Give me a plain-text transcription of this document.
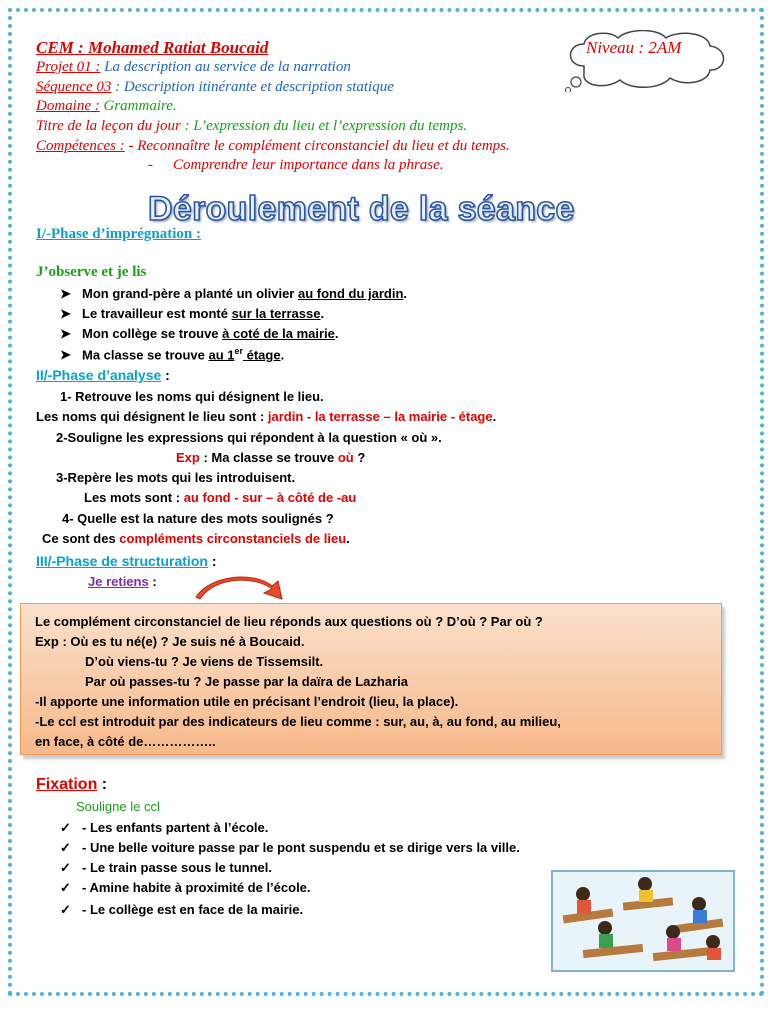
CEM : Mohamed Ratiat Boucaid	Niveau : 2AM
Projet 01 : La description au service de la narration
Séquence 03 : Description itinérante et description statique
Domaine : Grammaire.
Titre de la leçon du jour : L’expression du lieu et l’expression du temps.
Compétences : - Reconnaître le complément circonstanciel du lieu et du temps.
- Comprendre leur importance dans la phrase.
Déroulement de la séance
I/-Phase d’imprégnation :
J’observe et je lis
➤ Mon grand-père a planté un olivier au fond du jardin.
➤ Le travailleur est monté sur la terrasse.
➤ Mon collège se trouve à coté de la mairie.
➤ Ma classe se trouve au 1er étage.
II/-Phase d’analyse :
1- Retrouve les noms qui désignent le lieu.
Les noms qui désignent le lieu sont : jardin - la terrasse – la mairie - étage.
2-Souligne les expressions qui répondent à la question « où ».
Exp : Ma classe se trouve où ?
3-Repère les mots qui les introduisent.
Les mots sont : au fond - sur – à côté de -au
4- Quelle est la nature des mots soulignés ?
Ce sont des compléments circonstanciels de lieu.
III/-Phase de structuration :
Je retiens :
Le complément circonstanciel de lieu réponds aux questions où ? D’où ? Par où ?
Exp : Où es tu né(e) ? Je suis né à Boucaid.
D’où viens-tu ? Je viens de Tissemsilt.
Par où passes-tu ? Je passe par la daïra de Lazharia
-Il apporte une information utile en précisant l’endroit (lieu, la place).
-Le ccl est introduit par des indicateurs de lieu comme : sur, au, à, au fond, au milieu,
en face, à côté de……………..
Fixation :
Souligne le ccl
✓ - Les enfants partent à l’école.
✓ - Une belle voiture passe par le pont suspendu et se dirige vers la ville.
✓ - Le train passe sous le tunnel.
✓ - Amine habite à proximité de l’école.
✓ - Le collège est en face de la mairie.
